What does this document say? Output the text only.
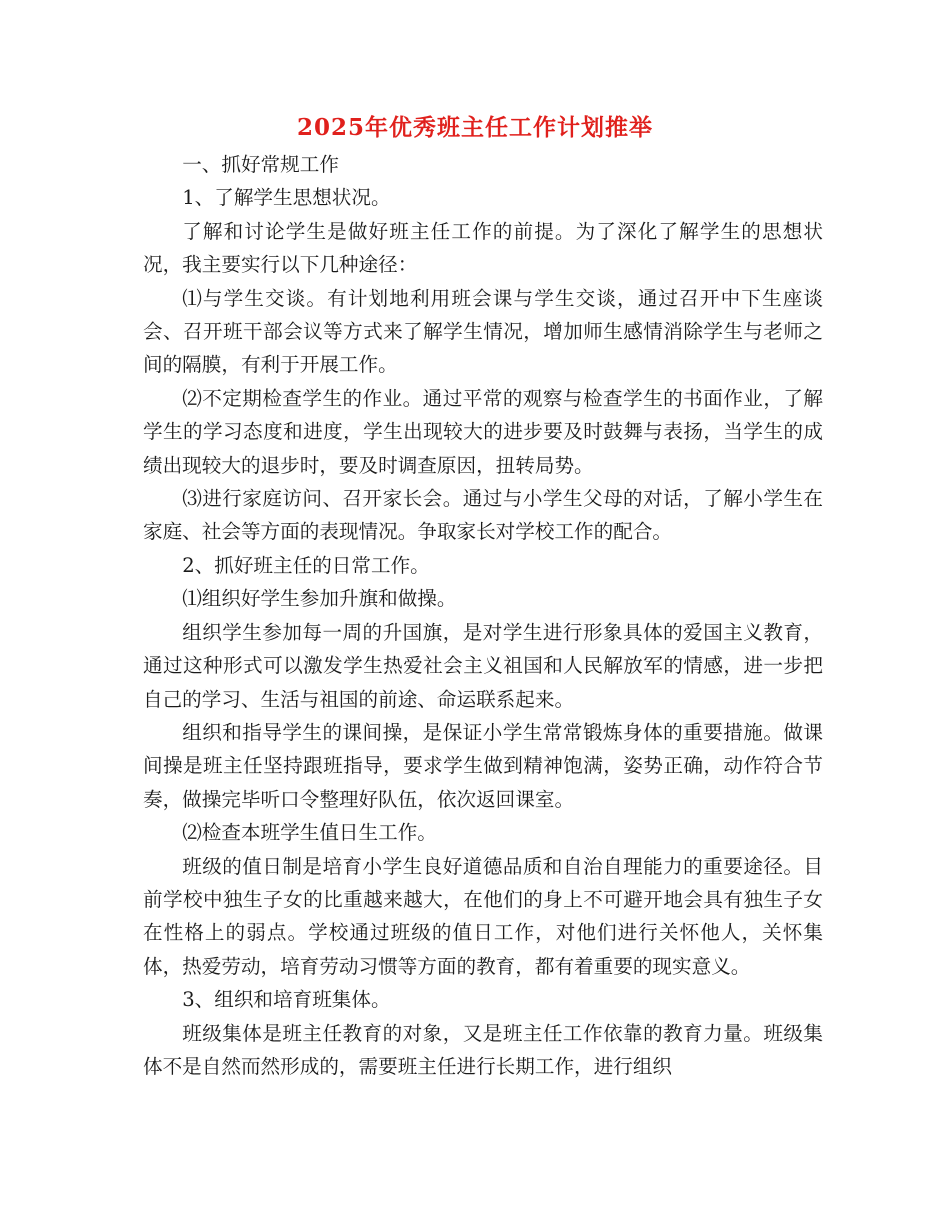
2025年优秀班主任工作计划推举

一、抓好常规工作

1、了解学生思想状况。

了解和讨论学生是做好班主任工作的前提。为了深化了解学生的思想状况，我主要实行以下几种途径：

⑴与学生交谈。有计划地利用班会课与学生交谈，通过召开中下生座谈会、召开班干部会议等方式来了解学生情况，增加师生感情消除学生与老师之间的隔膜，有利于开展工作。

⑵不定期检查学生的作业。通过平常的观察与检查学生的书面作业，了解学生的学习态度和进度，学生出现较大的进步要及时鼓舞与表扬，当学生的成绩出现较大的退步时，要及时调查原因，扭转局势。

⑶进行家庭访问、召开家长会。通过与小学生父母的对话，了解小学生在家庭、社会等方面的表现情况。争取家长对学校工作的配合。

2、抓好班主任的日常工作。

⑴组织好学生参加升旗和做操。

组织学生参加每一周的升国旗，是对学生进行形象具体的爱国主义教育，通过这种形式可以激发学生热爱社会主义祖国和人民解放军的情感，进一步把自己的学习、生活与祖国的前途、命运联系起来。

组织和指导学生的课间操，是保证小学生常常锻炼身体的重要措施。做课间操是班主任坚持跟班指导，要求学生做到精神饱满，姿势正确，动作符合节奏，做操完毕听口令整理好队伍，依次返回课室。

⑵检查本班学生值日生工作。

班级的值日制是培育小学生良好道德品质和自治自理能力的重要途径。目前学校中独生子女的比重越来越大，在他们的身上不可避开地会具有独生子女在性格上的弱点。学校通过班级的值日工作，对他们进行关怀他人，关怀集体，热爱劳动，培育劳动习惯等方面的教育，都有着重要的现实意义。

3、组织和培育班集体。

班级集体是班主任教育的对象，又是班主任工作依靠的教育力量。班级集体不是自然而然形成的，需要班主任进行长期工作，进行组织
